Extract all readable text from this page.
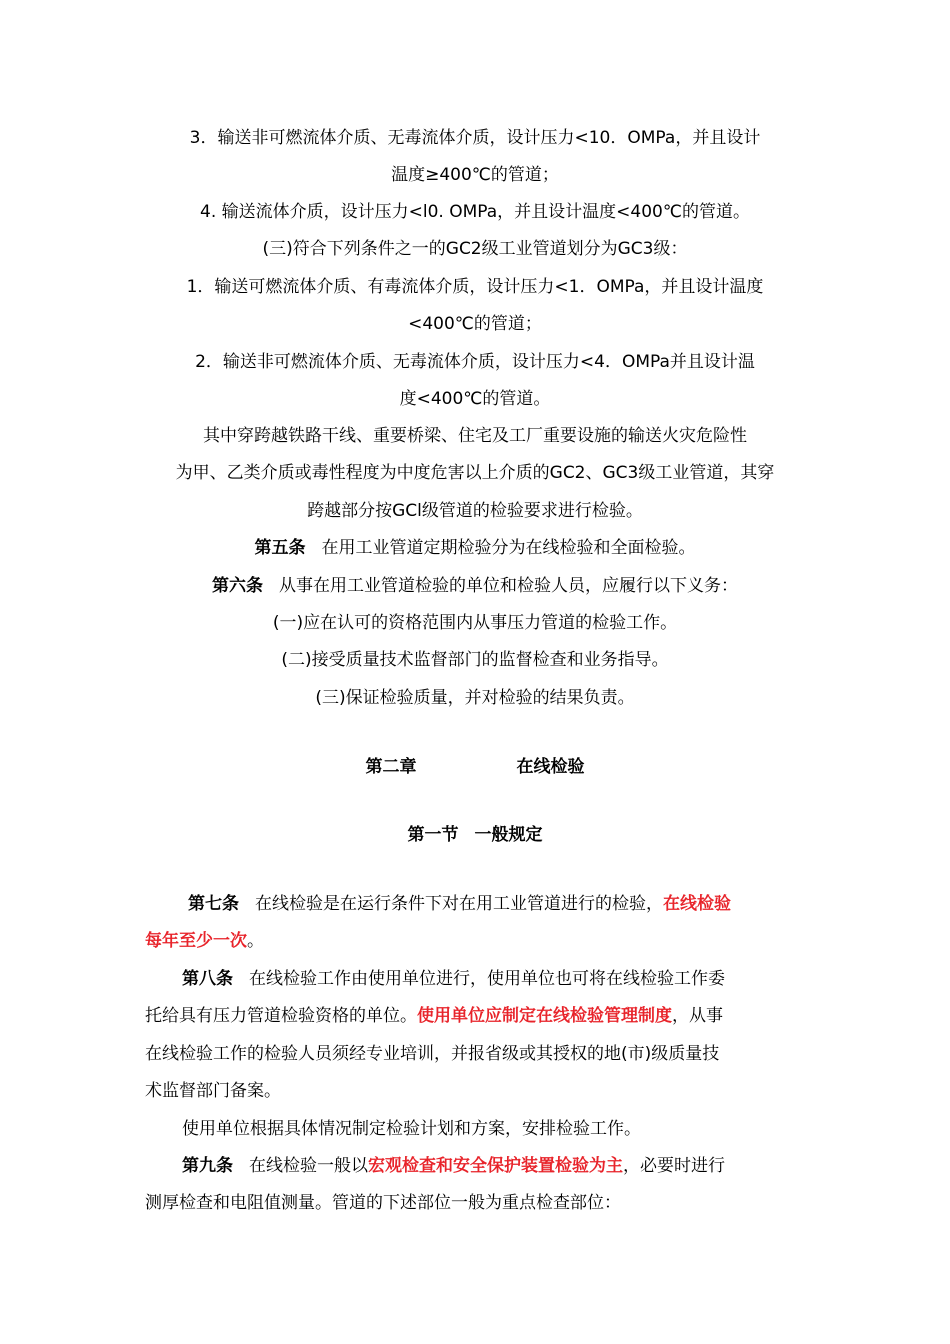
3．输送非可燃流体介质、无毒流体介质，设计压力<10．OMPa，并且设计
温度≥400℃的管道；
4. 输送流体介质，设计压力<l0. OMPa，并且设计温度<400℃的管道。
(三)符合下列条件之一的GC2级工业管道划分为GC3级：
1．输送可燃流体介质、有毒流体介质，设计压力<1．OMPa，并且设计温度
<400℃的管道；
2．输送非可燃流体介质、无毒流体介质，设计压力<4．OMPa并且设计温
度<400℃的管道。
其中穿跨越铁路干线、重要桥梁、住宅及工厂重要设施的输送火灾危险性
为甲、乙类介质或毒性程度为中度危害以上介质的GC2、GC3级工业管道，其穿
跨越部分按GCl级管道的检验要求进行检验。
第五条 在用工业管道定期检验分为在线检验和全面检验。
第六条 从事在用工业管道检验的单位和检验人员，应履行以下义务：
(一)应在认可的资格范围内从事压力管道的检验工作。
(二)接受质量技术监督部门的监督检查和业务指导。
(三)保证检验质量，并对检验的结果负责。
第二章	在线检验
第一节 一般规定
第七条 在线检验是在运行条件下对在用工业管道进行的检验，在线检验
每年至少一次。
第八条 在线检验工作由使用单位进行，使用单位也可将在线检验工作委
托给具有压力管道检验资格的单位。使用单位应制定在线检验管理制度，从事
在线检验工作的检验人员须经专业培训，并报省级或其授权的地(市)级质量技
术监督部门备案。
使用单位根据具体情况制定检验计划和方案，安排检验工作。
第九条 在线检验一般以宏观检查和安全保护装置检验为主，必要时进行
测厚检查和电阻值测量。管道的下述部位一般为重点检查部位：
